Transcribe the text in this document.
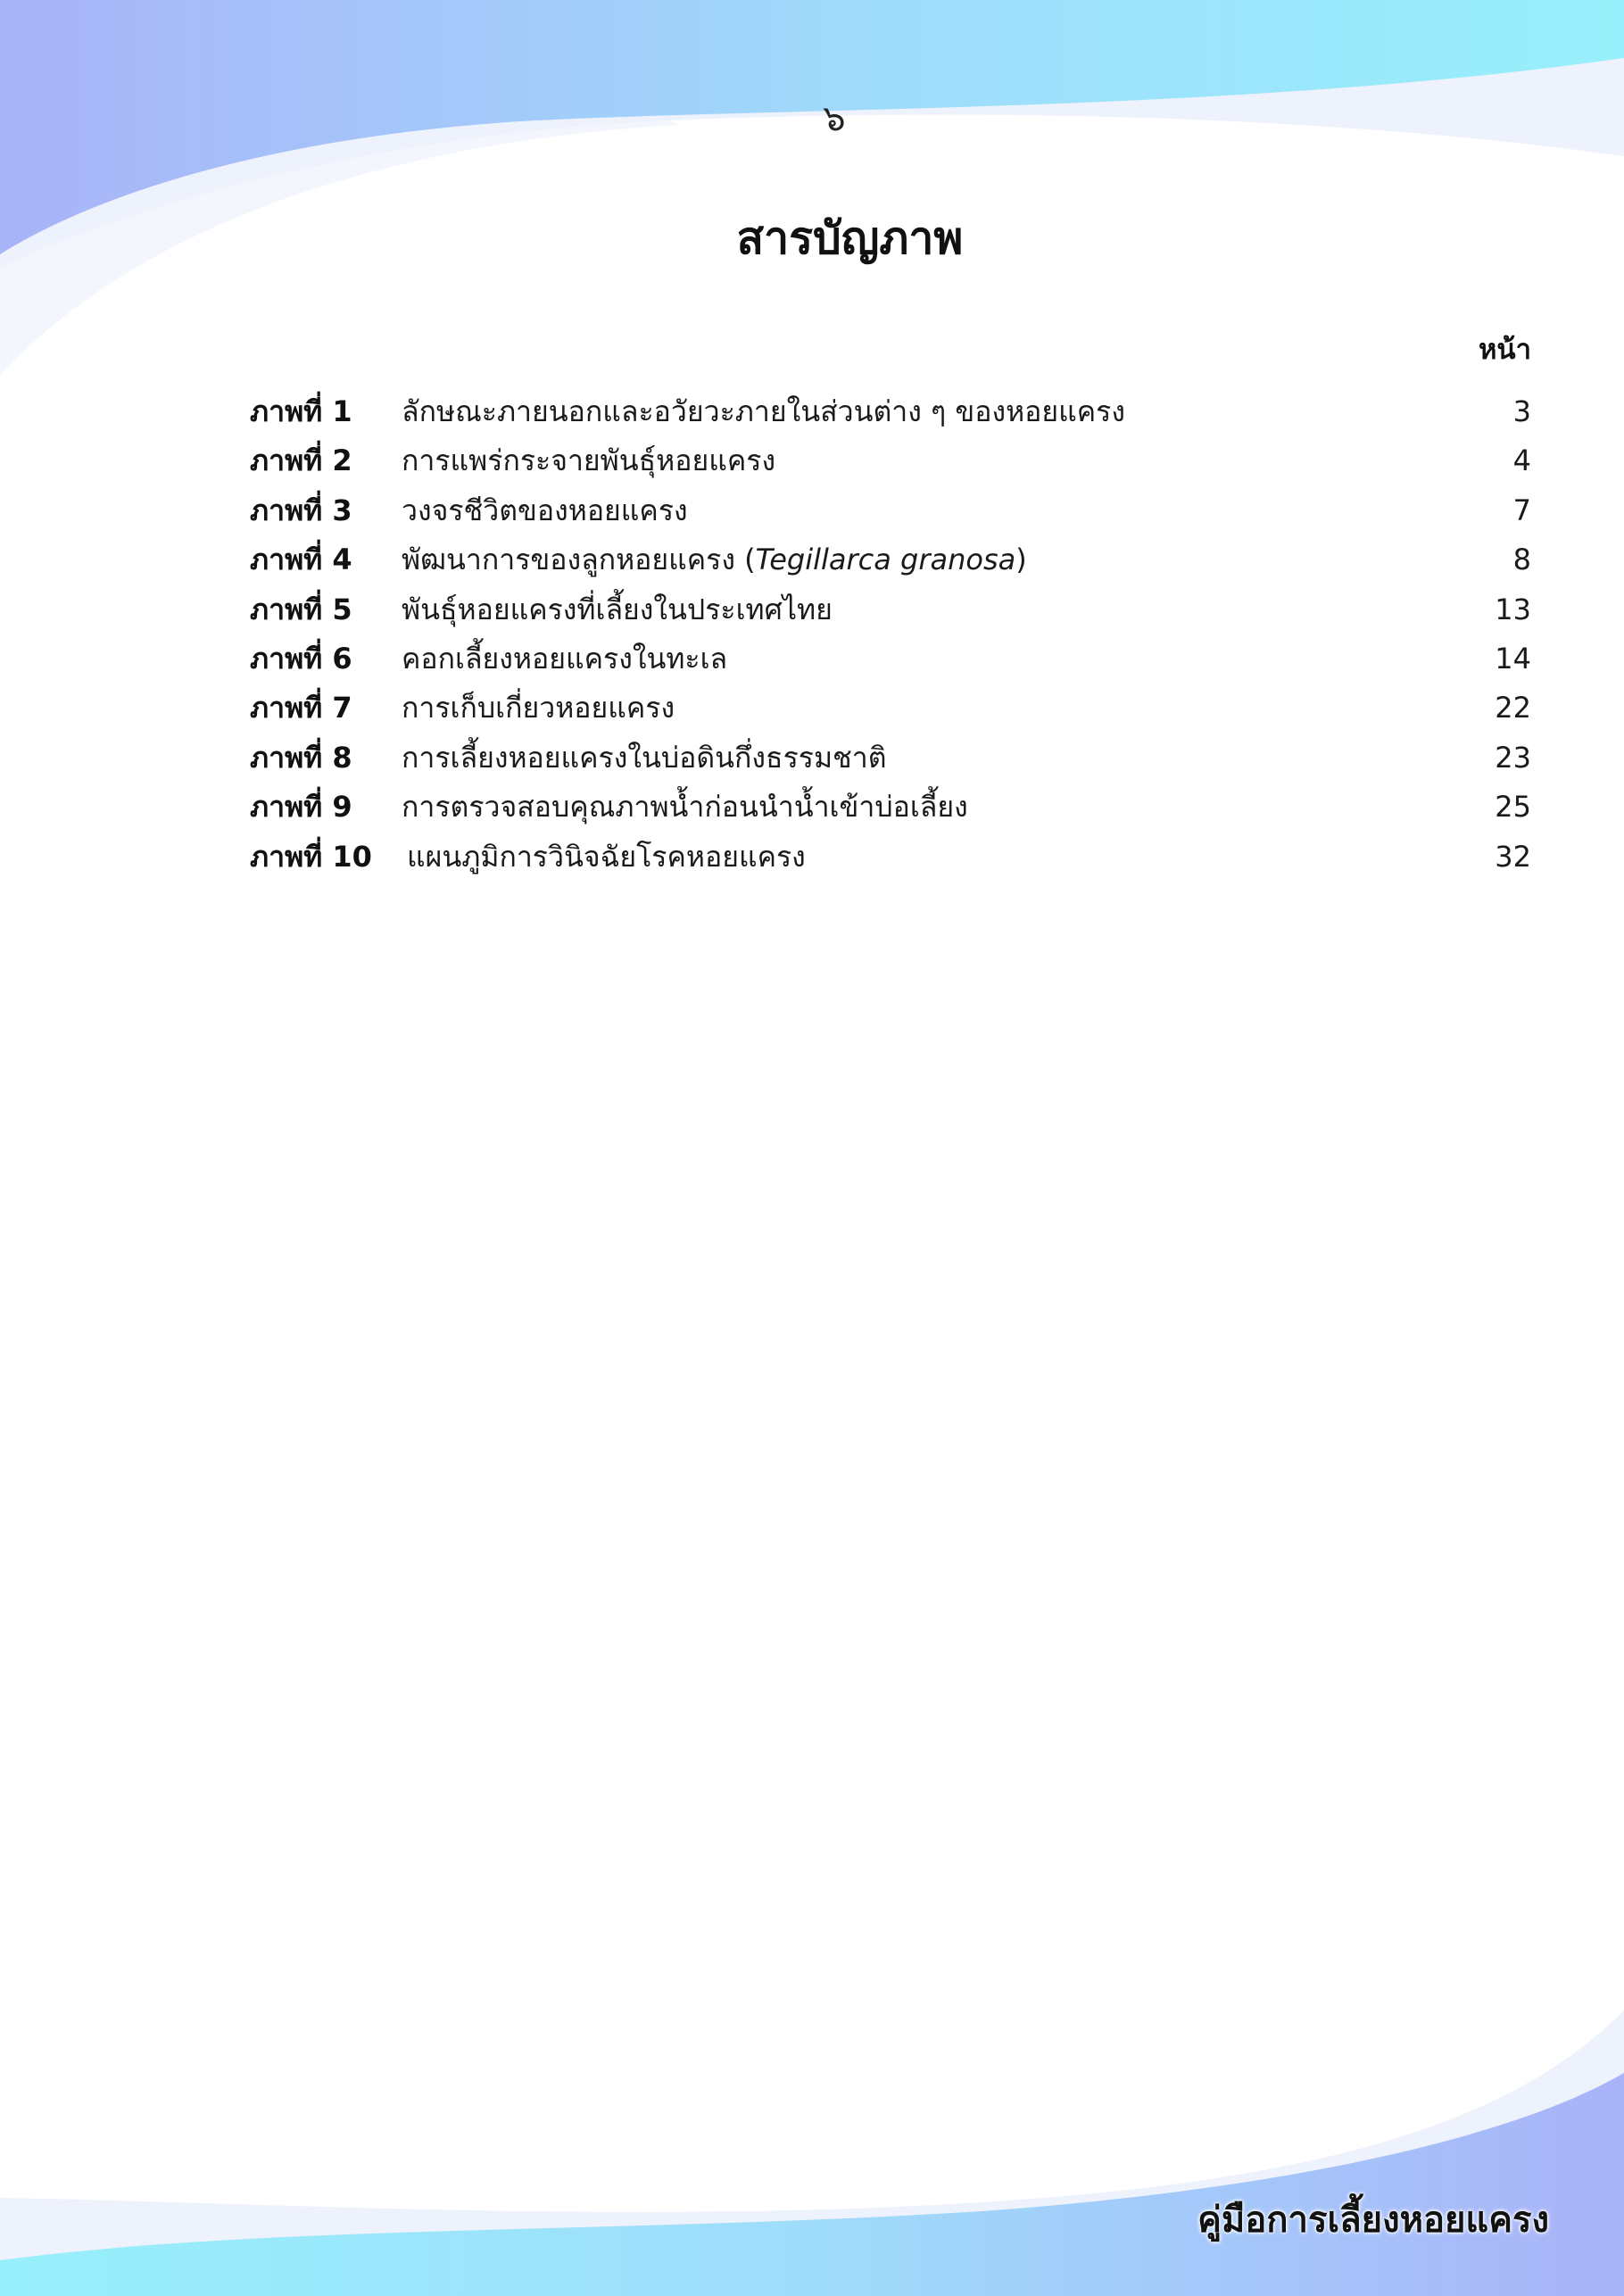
๖
สารบัญภาพ
หน้า
ภาพที่ 1 ลักษณะภายนอกและอวัยวะภายในส่วนต่าง ๆ ของหอยแครง	3
ภาพที่ 2 การแพร่กระจายพันธุ์หอยแครง	4
ภาพที่ 3 วงจรชีวิตของหอยแครง	7
ภาพที่ 4 พัฒนาการของลูกหอยแครง (Tegillarca granosa)	8
ภาพที่ 5 พันธุ์หอยแครงที่เลี้ยงในประเทศไทย	13
ภาพที่ 6 คอกเลี้ยงหอยแครงในทะเล	14
ภาพที่ 7 การเก็บเกี่ยวหอยแครง	22
ภาพที่ 8 การเลี้ยงหอยแครงในบ่อดินกึ่งธรรมชาติ	23
ภาพที่ 9 การตรวจสอบคุณภาพน้ำก่อนนำน้ำเข้าบ่อเลี้ยง	25
ภาพที่ 10 แผนภูมิการวินิจฉัยโรคหอยแครง	32
คู่มือการเลี้ยงหอยแครง
